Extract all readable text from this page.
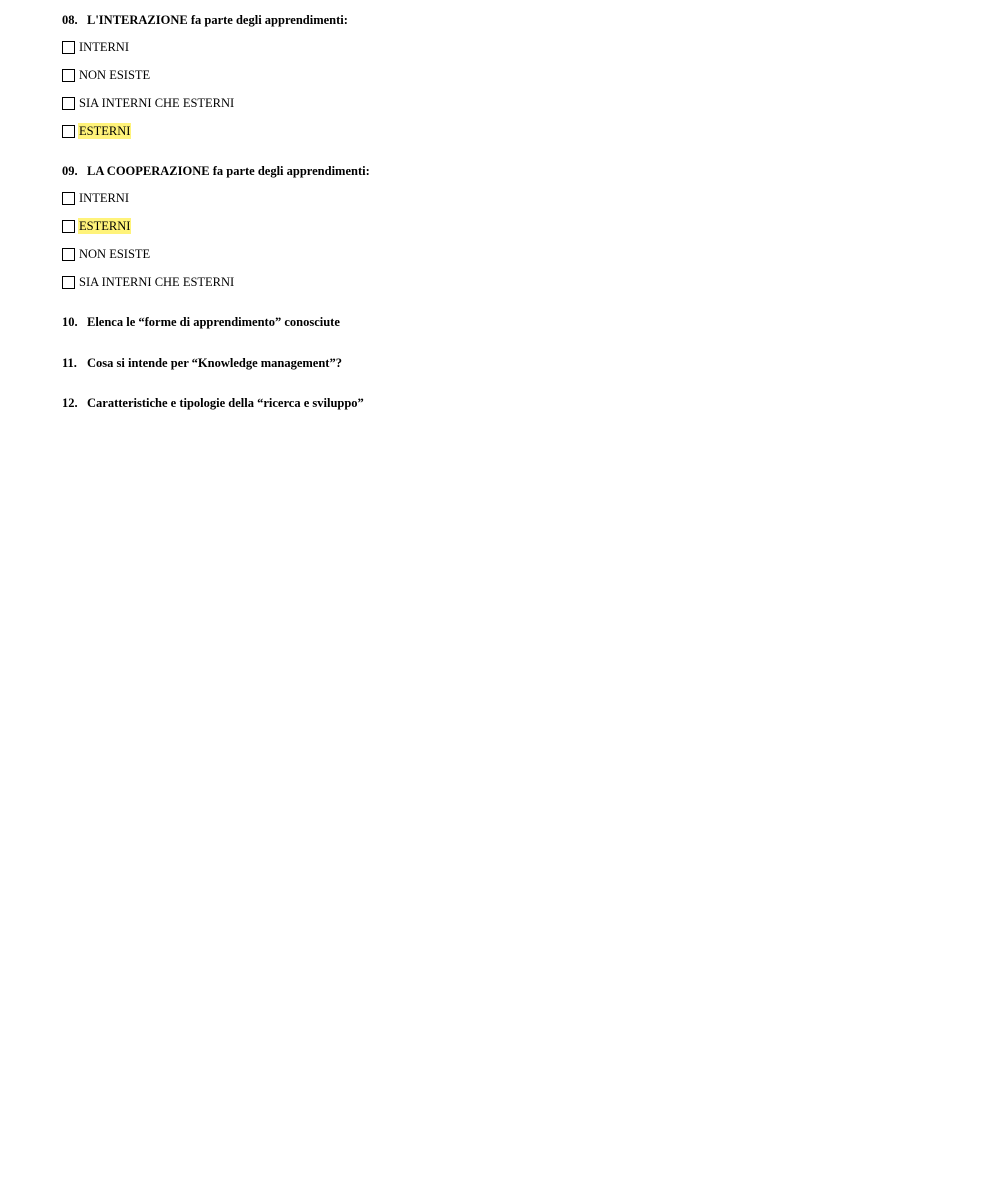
08. L'INTERAZIONE fa parte degli apprendimenti:
INTERNI
NON ESISTE
SIA INTERNI CHE ESTERNI
ESTERNI
09. LA COOPERAZIONE fa parte degli apprendimenti:
INTERNI
ESTERNI
NON ESISTE
SIA INTERNI CHE ESTERNI
10. Elenca le “forme di apprendimento” conosciute
11. Cosa si intende per “Knowledge management”?
12. Caratteristiche e tipologie della “ricerca e sviluppo”
